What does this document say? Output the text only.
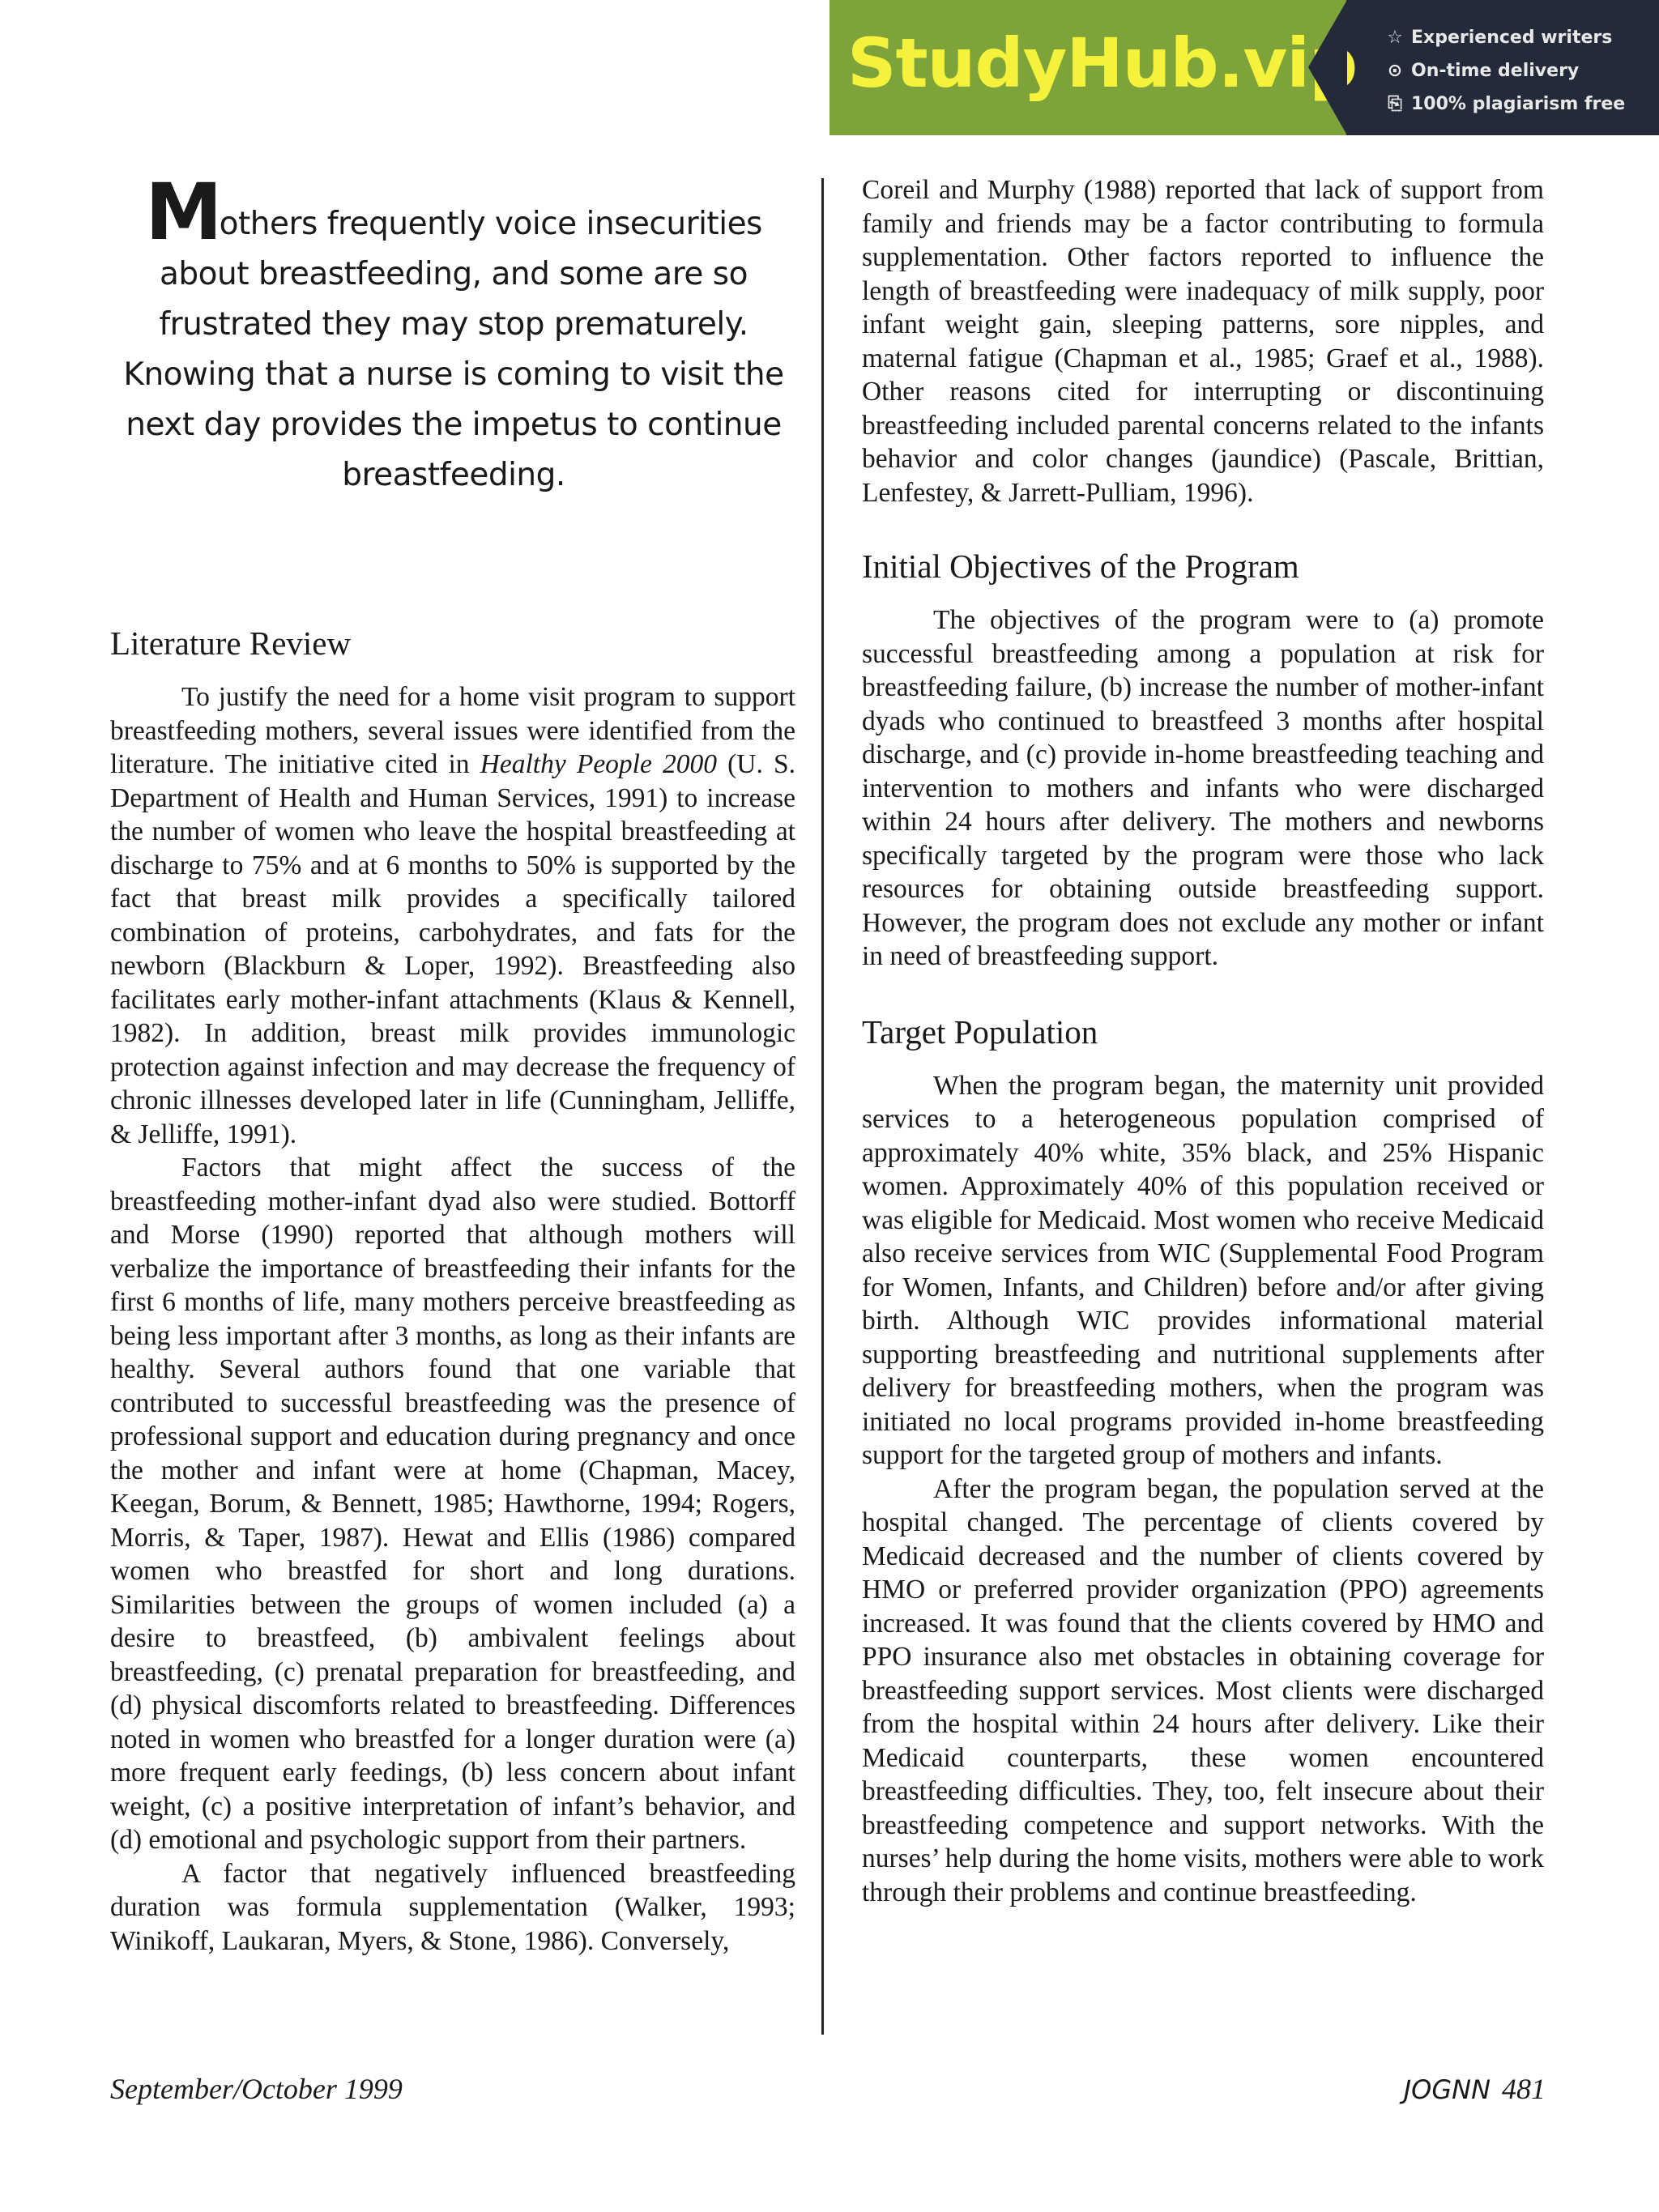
StudyHub.vip ☆ Experienced writers
⊙ On-time delivery
⎘ 100% plagiarism free
Mothers frequently voice insecurities about breastfeeding, and some are so frustrated they may stop prematurely. Knowing that a nurse is coming to visit the next day provides the impetus to continue breastfeeding.
Literature Review

To justify the need for a home visit program to support breastfeeding mothers, several issues were identified from the literature. The initiative cited in Healthy People 2000 (U. S. Department of Health and Human Services, 1991) to increase the number of women who leave the hospital breastfeeding at discharge to 75% and at 6 months to 50% is supported by the fact that breast milk provides a specifically tailored combination of proteins, carbohydrates, and fats for the newborn (Blackburn & Loper, 1992). Breastfeeding also facilitates early mother-infant attachments (Klaus & Kennell, 1982). In addition, breast milk provides immunologic protection against infection and may decrease the frequency of chronic illnesses developed later in life (Cunningham, Jelliffe, & Jelliffe, 1991).

Factors that might affect the success of the breastfeeding mother-infant dyad also were studied. Bottorff and Morse (1990) reported that although mothers will verbalize the importance of breastfeeding their infants for the first 6 months of life, many mothers perceive breastfeeding as being less important after 3 months, as long as their infants are healthy. Several authors found that one variable that contributed to successful breastfeeding was the presence of professional support and education during pregnancy and once the mother and infant were at home (Chapman, Macey, Keegan, Borum, & Bennett, 1985; Hawthorne, 1994; Rogers, Morris, & Taper, 1987). Hewat and Ellis (1986) compared women who breastfed for short and long durations. Similarities between the groups of women included (a) a desire to breastfeed, (b) ambivalent feelings about breastfeeding, (c) prenatal preparation for breastfeeding, and (d) physical discomforts related to breastfeeding. Differences noted in women who breastfed for a longer duration were (a) more frequent early feedings, (b) less concern about infant weight, (c) a positive interpretation of infant’s behavior, and (d) emotional and psychologic support from their partners.

A factor that negatively influenced breastfeeding duration was formula supplementation (Walker, 1993; Winikoff, Laukaran, Myers, & Stone, 1986). Conversely,

Coreil and Murphy (1988) reported that lack of support from family and friends may be a factor contributing to formula supplementation. Other factors reported to influence the length of breastfeeding were inadequacy of milk supply, poor infant weight gain, sleeping patterns, sore nipples, and maternal fatigue (Chapman et al., 1985; Graef et al., 1988). Other reasons cited for interrupting or discontinuing breastfeeding included parental concerns related to the infants behavior and color changes (jaundice) (Pascale, Brittian, Lenfestey, & Jarrett-Pulliam, 1996).

Initial Objectives of the Program

The objectives of the program were to (a) promote successful breastfeeding among a population at risk for breastfeeding failure, (b) increase the number of mother-infant dyads who continued to breastfeed 3 months after hospital discharge, and (c) provide in-home breastfeeding teaching and intervention to mothers and infants who were discharged within 24 hours after delivery. The mothers and newborns specifically targeted by the program were those who lack resources for obtaining outside breastfeeding support. However, the program does not exclude any mother or infant in need of breastfeeding support.

Target Population

When the program began, the maternity unit provided services to a heterogeneous population comprised of approximately 40% white, 35% black, and 25% Hispanic women. Approximately 40% of this population received or was eligible for Medicaid. Most women who receive Medicaid also receive services from WIC (Supplemental Food Program for Women, Infants, and Children) before and/or after giving birth. Although WIC provides informational material supporting breastfeeding and nutritional supplements after delivery for breastfeeding mothers, when the program was initiated no local programs provided in-home breastfeeding support for the targeted group of mothers and infants.

After the program began, the population served at the hospital changed. The percentage of clients covered by Medicaid decreased and the number of clients covered by HMO or preferred provider organization (PPO) agreements increased. It was found that the clients covered by HMO and PPO insurance also met obstacles in obtaining coverage for breastfeeding support services. Most clients were discharged from the hospital within 24 hours after delivery. Like their Medicaid counterparts, these women encountered breastfeeding difficulties. They, too, felt insecure about their breastfeeding competence and support networks. With the nurses’ help during the home visits, mothers were able to work through their problems and continue breastfeeding.

September/October 1999	JOGNN 481
